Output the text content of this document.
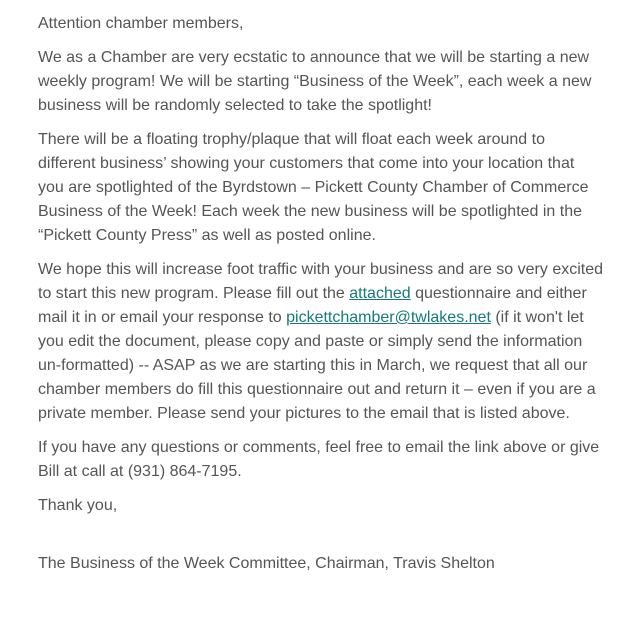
Attention chamber members,

We as a Chamber are very ecstatic to announce that we will be starting a new weekly program! We will be starting “Business of the Week”, each week a new business will be randomly selected to take the spotlight!

There will be a floating trophy/plaque that will float each week around to different business’ showing your customers that come into your location that you are spotlighted of the Byrdstown – Pickett County Chamber of Commerce Business of the Week! Each week the new business will be spotlighted in the “Pickett County Press” as well as posted online.

We hope this will increase foot traffic with your business and are so very excited to start this new program. Please fill out the attached questionnaire and either mail it in or email your response to pickettchamber@twlakes.net (if it won't let you edit the document, please copy and paste or simply send the information un-formatted) -- ASAP as we are starting this in March, we request that all our chamber members do fill this questionnaire out and return it – even if you are a private member. Please send your pictures to the email that is listed above.

If you have any questions or comments, feel free to email the link above or give Bill at call at (931) 864-7195.

Thank you,

The Business of the Week Committee, Chairman, Travis Shelton
